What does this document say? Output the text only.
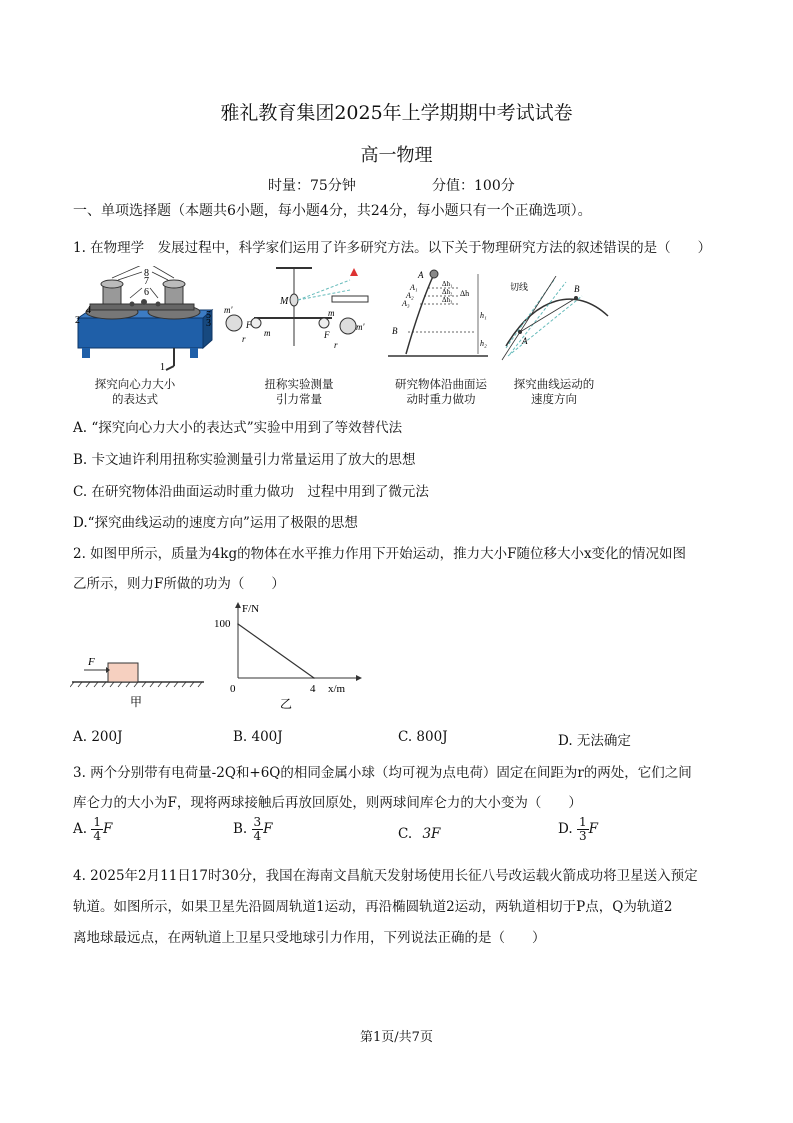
雅礼教育集团2025年上学期期中考试试卷
高一物理
时量：75分钟	分值：100分
一、单项选择题（本题共6小题，每小题4分，共24分，每小题只有一个正确选项）。
1. 在物理学　发展过程中，科学家们运用了许多研究方法。以下关于物理研究方法的叙述错误的是（　　）
8
7
6
4
2	5
3
1
M
m'
m'
F
F
m
m
r
r
A
A₁
A₂
A₃
B
Δh₁
Δh₂
Δh₃
Δh
h₁
h₂
切线
A
B
探究向心力大小
的表达式
扭称实验测量
引力常量
研究物体沿曲面运
动时重力做功
探究曲线运动的
速度方向
A. “探究向心力大小的表达式”实验中用到了等效替代法
B. 卡文迪许利用扭称实验测量引力常量运用了放大的思想
C. 在研究物体沿曲面运动时重力做功　过程中用到了微元法
D.“探究曲线运动的速度方向”运用了极限的思想
2. 如图甲所示，质量为4kg的物体在水平推力作用下开始运动，推力大小F随位移大小x变化的情况如图
乙所示，则力F所做的功为（　　）
F
甲
F/N
x/m
100
4
0
乙
A. 200J	B. 400J	C. 800J	D. 无法确定
3. 两个分别带有电荷量-2Q和+6Q的相同金属小球（均可视为点电荷）固定在间距为r的两处，它们之间
库仑力的大小为F，现将两球接触后再放回原处，则两球间库仑力的大小变为（　　）
A. $\frac{1}{4}$ F	B. $\frac{3}{4}$ F	C. 3F	D. $\frac{1}{3}$ F
4. 2025年2月11日17时30分，我国在海南文昌航天发射场使用长征八号改运载火箭成功将卫星送入预定
轨道。如图所示，如果卫星先沿圆周轨道1运动，再沿椭圆轨道2运动，两轨道相切于P点，Q为轨道2
离地球最远点，在两轨道上卫星只受地球引力作用，下列说法正确的是（　　）
第1页/共7页
